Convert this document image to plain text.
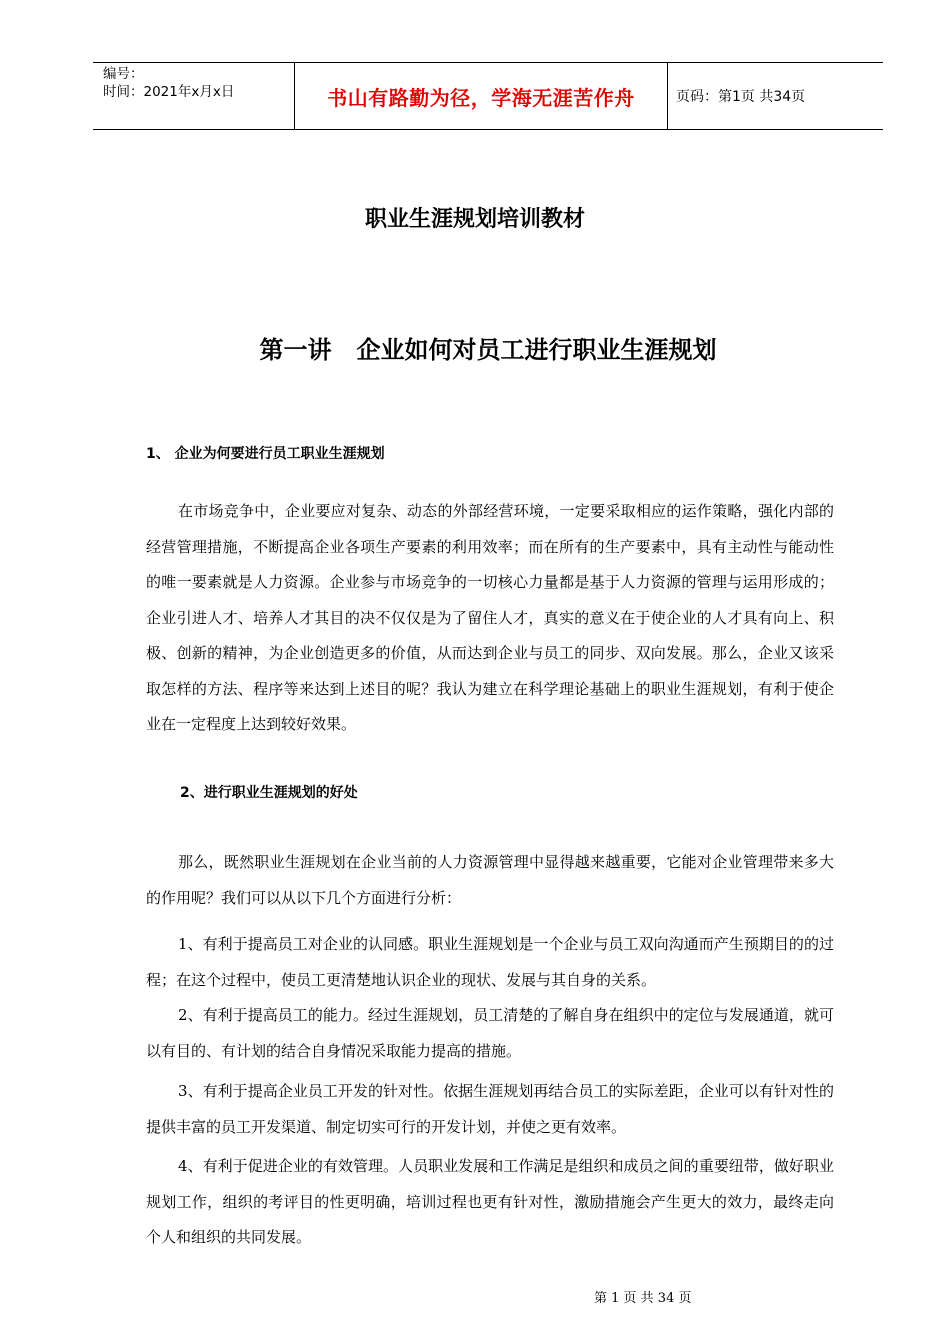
编号：
时间：2021年x月x日	书山有路勤为径，学海无涯苦作舟	页码：第1页 共34页
职业生涯规划培训教材
第一讲   企业如何对员工进行职业生涯规划
1、 企业为何要进行员工职业生涯规划

在市场竞争中，企业要应对复杂、动态的外部经营环境，一定要采取相应的运作策略，强化内部的经营管理措施，不断提高企业各项生产要素的利用效率；而在所有的生产要素中，具有主动性与能动性的唯一要素就是人力资源。企业参与市场竞争的一切核心力量都是基于人力资源的管理与运用形成的；企业引进人才、培养人才其目的决不仅仅是为了留住人才，真实的意义在于使企业的人才具有向上、积极、创新的精神，为企业创造更多的价值，从而达到企业与员工的同步、双向发展。那么，企业又该采取怎样的方法、程序等来达到上述目的呢？我认为建立在科学理论基础上的职业生涯规划，有利于使企业在一定程度上达到较好效果。

2、进行职业生涯规划的好处

那么，既然职业生涯规划在企业当前的人力资源管理中显得越来越重要，它能对企业管理带来多大的作用呢？我们可以从以下几个方面进行分析：

1、有利于提高员工对企业的认同感。职业生涯规划是一个企业与员工双向沟通而产生预期目的的过程；在这个过程中，使员工更清楚地认识企业的现状、发展与其自身的关系。

2、有利于提高员工的能力。经过生涯规划，员工清楚的了解自身在组织中的定位与发展通道，就可以有目的、有计划的结合自身情况采取能力提高的措施。

3、有利于提高企业员工开发的针对性。依据生涯规划再结合员工的实际差距，企业可以有针对性的提供丰富的员工开发渠道、制定切实可行的开发计划，并使之更有效率。

4、有利于促进企业的有效管理。人员职业发展和工作满足是组织和成员之间的重要纽带，做好职业规划工作，组织的考评目的性更明确，培训过程也更有针对性，激励措施会产生更大的效力，最终走向个人和组织的共同发展。

第 1 页 共 34 页
